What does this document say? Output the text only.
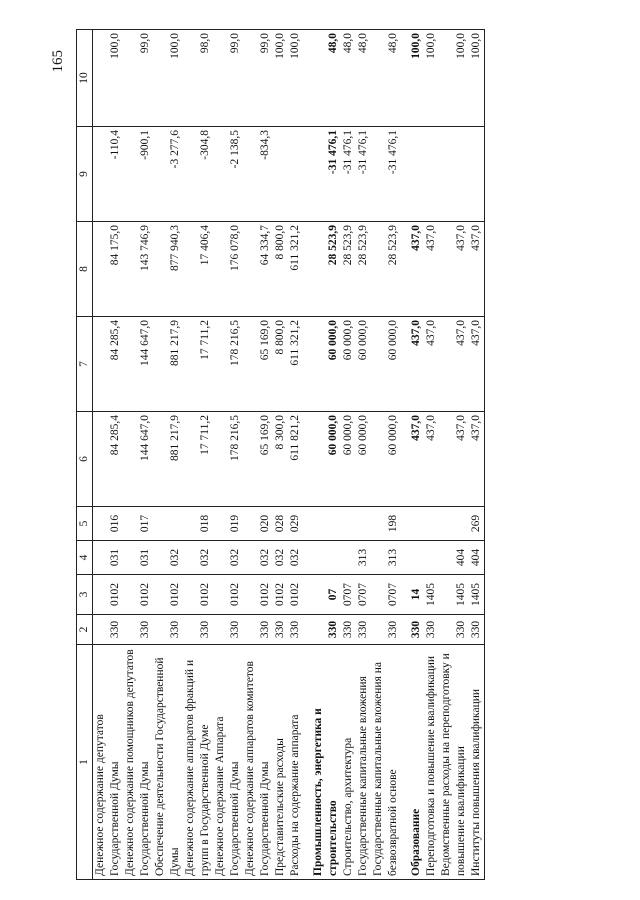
165
1	2	3	4	5	6	7	8	9	10
Денежное содержание депутатов Государственной Думы	330	0102	031	016	84 285,4	84 285,4	84 175,0	-110,4	100,0
Денежное содержание помощников депутатов Государственной Думы	330	0102	031	017	144 647,0	144 647,0	143 746,9	-900,1	99,0
Обеспечение деятельности Государственной Думы	330	0102	032		881 217,9	881 217,9	877 940,3	-3 277,6	100,0
Денежное содержание аппаратов фракций и групп в Государственной Думе	330	0102	032	018	17 711,2	17 711,2	17 406,4	-304,8	98,0
Денежное содержание Аппарата Государственной Думы	330	0102	032	019	178 216,5	178 216,5	176 078,0	-2 138,5	99,0
Денежное содержание аппаратов комитетов Государственной Думы	330	0102	032	020	65 169,0	65 169,0	64 334,7	-834,3	99,0
Представительские расходы	330	0102	032	028	8 300,0	8 800,0	8 800,0		100,0
Расходы на содержание аппарата	330	0102	032	029	611 821,2	611 321,2	611 321,2		100,0

Промышленность, энергетика и строительство	330	07			60 000,0	60 000,0	28 523,9	-31 476,1	48,0
Строительство, архитектура	330	0707			60 000,0	60 000,0	28 523,9	-31 476,1	48,0
Государственные капитальные вложения	330	0707	313		60 000,0	60 000,0	28 523,9	-31 476,1	48,0
Государственные капитальные вложения на безвозвратной основе	330	0707	313	198	60 000,0	60 000,0	28 523,9	-31 476,1	48,0

Образование	330	14			437,0	437,0	437,0		100,0
Переподготовка и повышение квалификации	330	1405			437,0	437,0	437,0		100,0
Ведомственные расходы на переподготовку и повышение квалификации	330	1405	404		437,0	437,0	437,0		100,0
Институты повышения квалификации	330	1405	404	269	437,0	437,0	437,0		100,0
